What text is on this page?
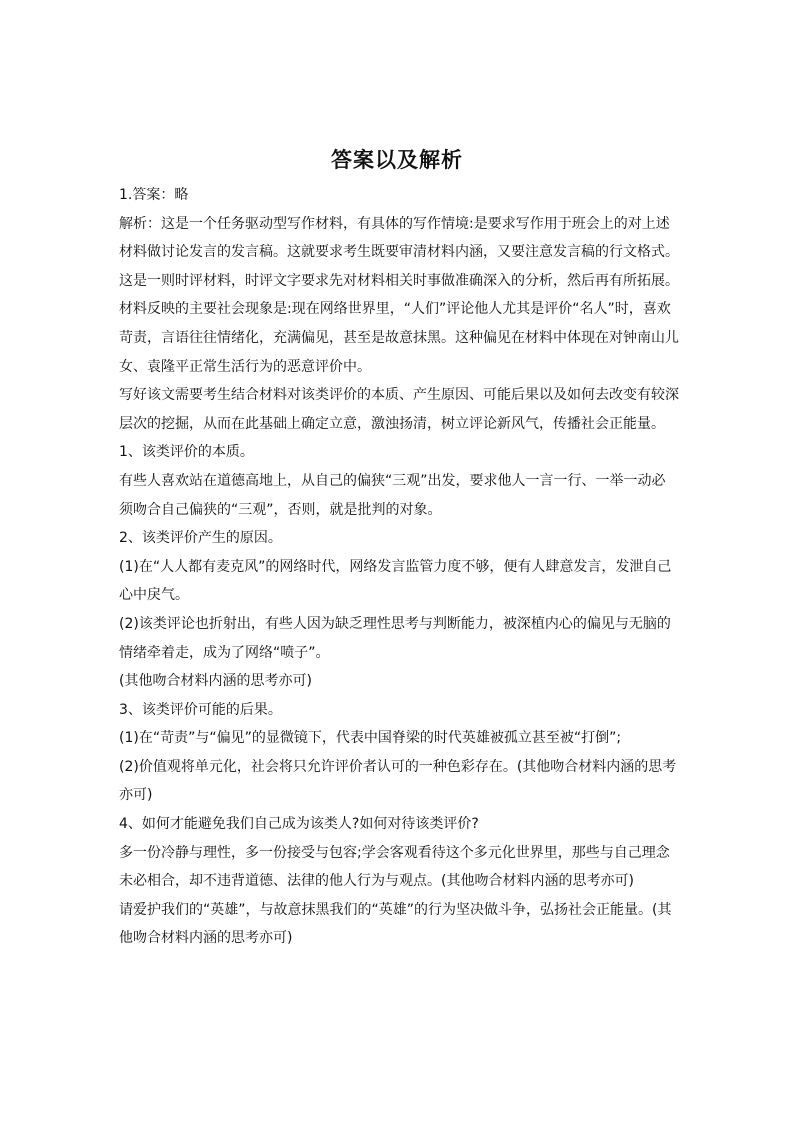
答案以及解析

1.答案：略

解析：这是一个任务驱动型写作材料，有具体的写作情境:是要求写作用于班会上的对上述材料做讨论发言的发言稿。这就要求考生既要审清材料内涵，又要注意发言稿的行文格式。这是一则时评材料，时评文字要求先对材料相关时事做准确深入的分析，然后再有所拓展。材料反映的主要社会现象是:现在网络世界里，“人们”评论他人尤其是评价“名人”时，喜欢苛责，言语往往情绪化，充满偏见，甚至是故意抹黑。这种偏见在材料中体现在对钟南山儿女、袁隆平正常生活行为的恶意评价中。

写好该文需要考生结合材料对该类评价的本质、产生原因、可能后果以及如何去改变有较深层次的挖掘，从而在此基础上确定立意，激浊扬清，树立评论新风气，传播社会正能量。

1、该类评价的本质。

有些人喜欢站在道德高地上，从自己的偏狭“三观”出发，要求他人一言一行、一举一动必须吻合自己偏狭的“三观”，否则，就是批判的对象。

2、该类评价产生的原因。

(1)在“人人都有麦克风”的网络时代，网络发言监管力度不够，便有人肆意发言，发泄自己心中戾气。

(2)该类评论也折射出，有些人因为缺乏理性思考与判断能力，被深植内心的偏见与无脑的情绪牵着走，成为了网络“喷子”。

(其他吻合材料内涵的思考亦可)

3、该类评价可能的后果。

(1)在“苛责”与“偏见”的显微镜下，代表中国脊梁的时代英雄被孤立甚至被“打倒”;

(2)价值观将单元化，社会将只允许评价者认可的一种色彩存在。(其他吻合材料内涵的思考亦可)

4、如何才能避免我们自己成为该类人?如何对待该类评价?

多一份冷静与理性，多一份接受与包容;学会客观看待这个多元化世界里，那些与自己理念未必相合，却不违背道德、法律的他人行为与观点。(其他吻合材料内涵的思考亦可)

请爱护我们的“英雄”，与故意抹黑我们的“英雄”的行为坚决做斗争，弘扬社会正能量。(其他吻合材料内涵的思考亦可)
